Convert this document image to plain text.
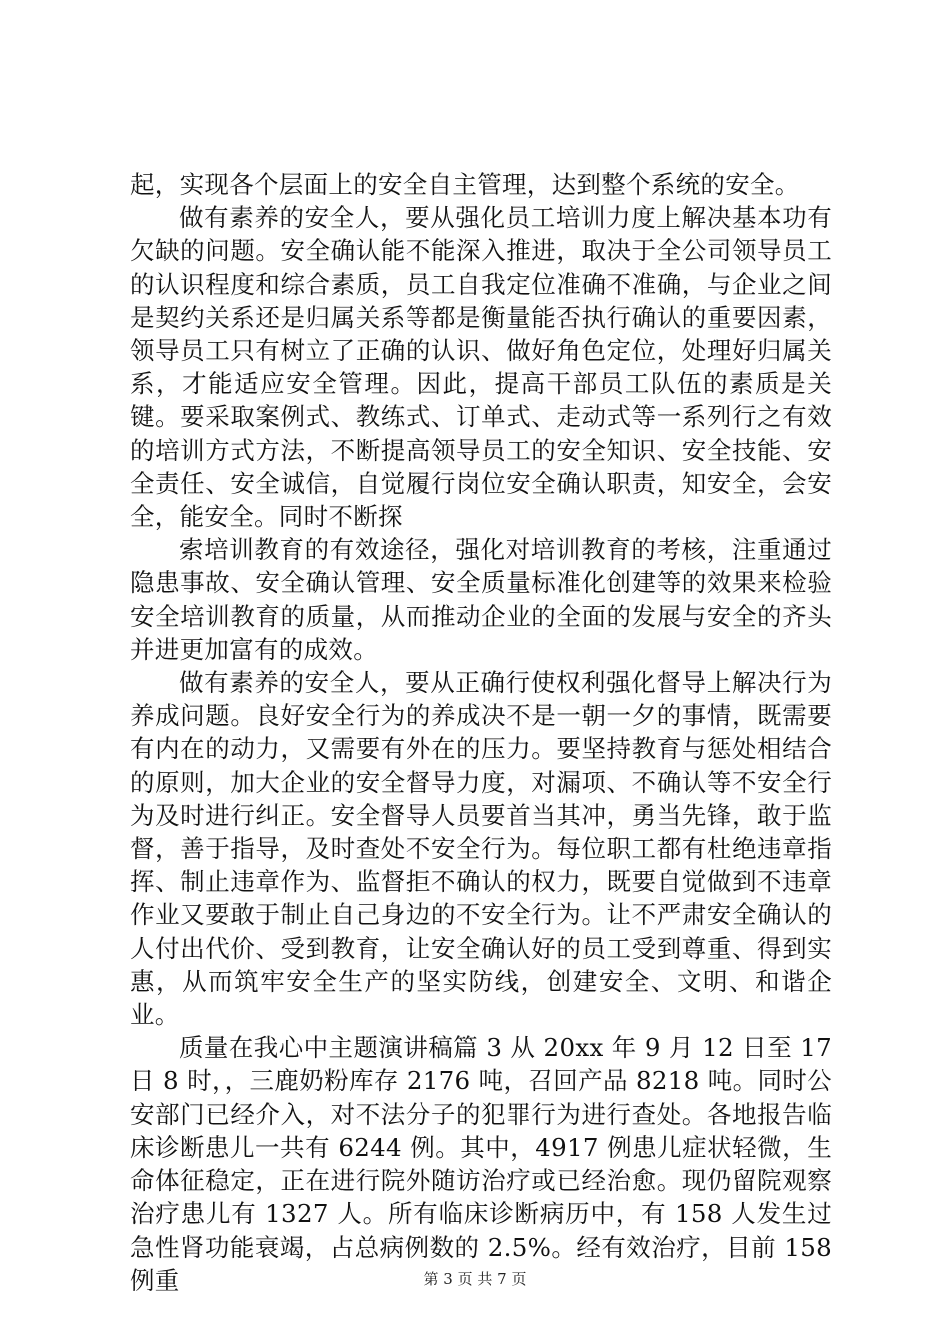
起，实现各个层面上的安全自主管理，达到整个系统的安全。

做有素养的安全人，要从强化员工培训力度上解决基本功有欠缺的问题。安全确认能不能深入推进，取决于全公司领导员工的认识程度和综合素质，员工自我定位准确不准确，与企业之间是契约关系还是归属关系等都是衡量能否执行确认的重要因素，领导员工只有树立了正确的认识、做好角色定位，处理好归属关系，才能适应安全管理。因此，提高干部员工队伍的素质是关键。要采取案例式、教练式、订单式、走动式等一系列行之有效的培训方式方法，不断提高领导员工的安全知识、安全技能、安全责任、安全诚信，自觉履行岗位安全确认职责，知安全，会安全，能安全。同时不断探

索培训教育的有效途径，强化对培训教育的考核，注重通过隐患事故、安全确认管理、安全质量标准化创建等的效果来检验安全培训教育的质量，从而推动企业的全面的发展与安全的齐头并进更加富有的成效。

做有素养的安全人，要从正确行使权利强化督导上解决行为养成问题。良好安全行为的养成决不是一朝一夕的事情，既需要有内在的动力，又需要有外在的压力。要坚持教育与惩处相结合的原则，加大企业的安全督导力度，对漏项、不确认等不安全行为及时进行纠正。安全督导人员要首当其冲，勇当先锋，敢于监督，善于指导，及时查处不安全行为。每位职工都有杜绝违章指挥、制止违章作为、监督拒不确认的权力，既要自觉做到不违章作业又要敢于制止自己身边的不安全行为。让不严肃安全确认的人付出代价、受到教育，让安全确认好的员工受到尊重、得到实惠，从而筑牢安全生产的坚实防线，创建安全、文明、和谐企业。

质量在我心中主题演讲稿篇 3 从 20xx 年 9 月 12 日至 17 日 8 时，，三鹿奶粉库存 2176 吨，召回产品 8218 吨。同时公安部门已经介入，对不法分子的犯罪行为进行查处。各地报告临床诊断患儿一共有 6244 例。其中，4917 例患儿症状轻微，生命体征稳定，正在进行院外随访治疗或已经治愈。现仍留院观察治疗患儿有 1327 人。所有临床诊断病历中，有 158 人发生过急性肾功能衰竭，占总病例数的 2.5%。经有效治疗，目前 158 例重	第 3 页 共 7 页
